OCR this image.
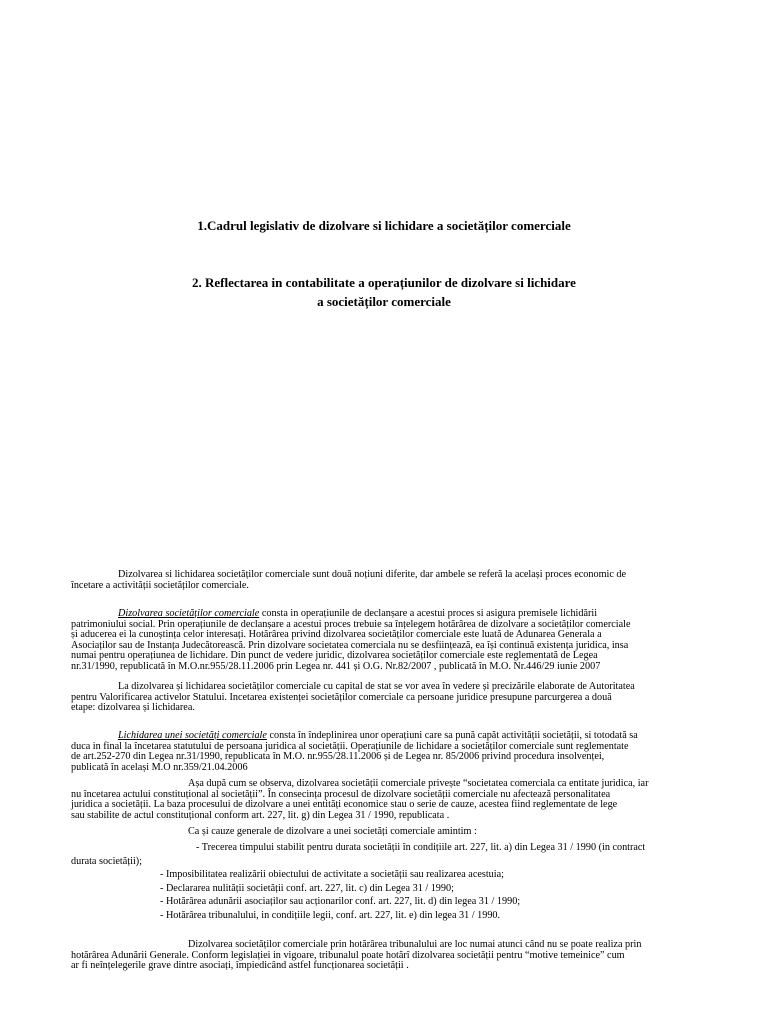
1.Cadrul legislativ de dizolvare si lichidare a societăților comerciale
2. Reflectarea in contabilitate a operațiunilor de dizolvare si lichidare
a societăților comerciale
Dizolvarea si lichidarea societăților comerciale sunt două noțiuni diferite, dar ambele se referă la același proces economic de
încetare a activității societăților comerciale.
Dizolvarea societăților comerciale consta in operațiunile de declanșare a acestui proces si asigura premisele lichidării
patrimoniului social. Prin operațiunile de declanșare a acestui proces trebuie sa înțelegem hotărârea de dizolvare a societăților comerciale
și aducerea ei la cunoștința celor interesați. Hotărârea privind dizolvarea societăților comerciale este luată de Adunarea Generala a
Asociaților sau de Instanța Judecătorească. Prin dizolvare societatea comerciala nu se desființează, ea își continuă existența juridica, insa
numai pentru operațiunea de lichidare. Din punct de vedere juridic, dizolvarea societăților comerciale este reglementată de Legea
nr.31/1990, republicată în M.O.nr.955/28.11.2006 prin Legea nr. 441 și O.G. Nr.82/2007 , publicată în M.O. Nr.446/29 iunie 2007
La dizolvarea și lichidarea societăților comerciale cu capital de stat se vor avea în vedere și precizările elaborate de Autoritatea
pentru Valorificarea activelor Statului. Incetarea existenței societăților comerciale ca persoane juridice presupune parcurgerea a două
etape: dizolvarea și lichidarea.
Lichidarea unei societăți comerciale consta în îndeplinirea unor operațiuni care sa pună capăt activității societății, si totodată sa
duca in final la încetarea statutului de persoana juridica al societății. Operațiunile de lichidare a societăților comerciale sunt reglementate
de art.252-270 din Legea nr.31/1990, republicata în M.O. nr.955/28.11.2006 și de Legea nr. 85/2006 privind procedura insolvenței,
publicată în același M.O nr.359/21.04.2006
Așa după cum se observa, dizolvarea societății comerciale privește “societatea comerciala ca entitate juridica, iar
nu încetarea actului constituțional al societății”. În consecința procesul de dizolvare societății comerciale nu afectează personalitatea
juridica a societății. La baza procesului de dizolvare a unei entități economice stau o serie de cauze, acestea fiind reglementate de lege
sau stabilite de actul constituțional conform art. 227, lit. g) din Legea 31 / 1990, republicata .
Ca și cauze generale de dizolvare a unei societăți comerciale amintim :
- Trecerea timpului stabilit pentru durata societății în condițiile art. 227, lit. a) din Legea 31 / 1990 (in contract
durata societății);
- Imposibilitatea realizării obiectului de activitate a societății sau realizarea acestuia;
- Declararea nulității societății conf. art. 227, lit. c) din Legea 31 / 1990;
- Hotărârea adunării asociaților sau acționarilor conf. art. 227, lit. d) din legea 31 / 1990;
- Hotărârea tribunalului, in condițiile legii, conf. art. 227, lit. e) din legea 31 / 1990.
Dizolvarea societăților comerciale prin hotărârea tribunalului are loc numai atunci când nu se poate realiza prin
hotărârea Adunării Generale. Conform legislației in vigoare, tribunalul poate hotărî dizolvarea societății pentru “motive temeinice” cum
ar fi neînțelegerile grave dintre asociați, împiedicând astfel funcționarea societății .
